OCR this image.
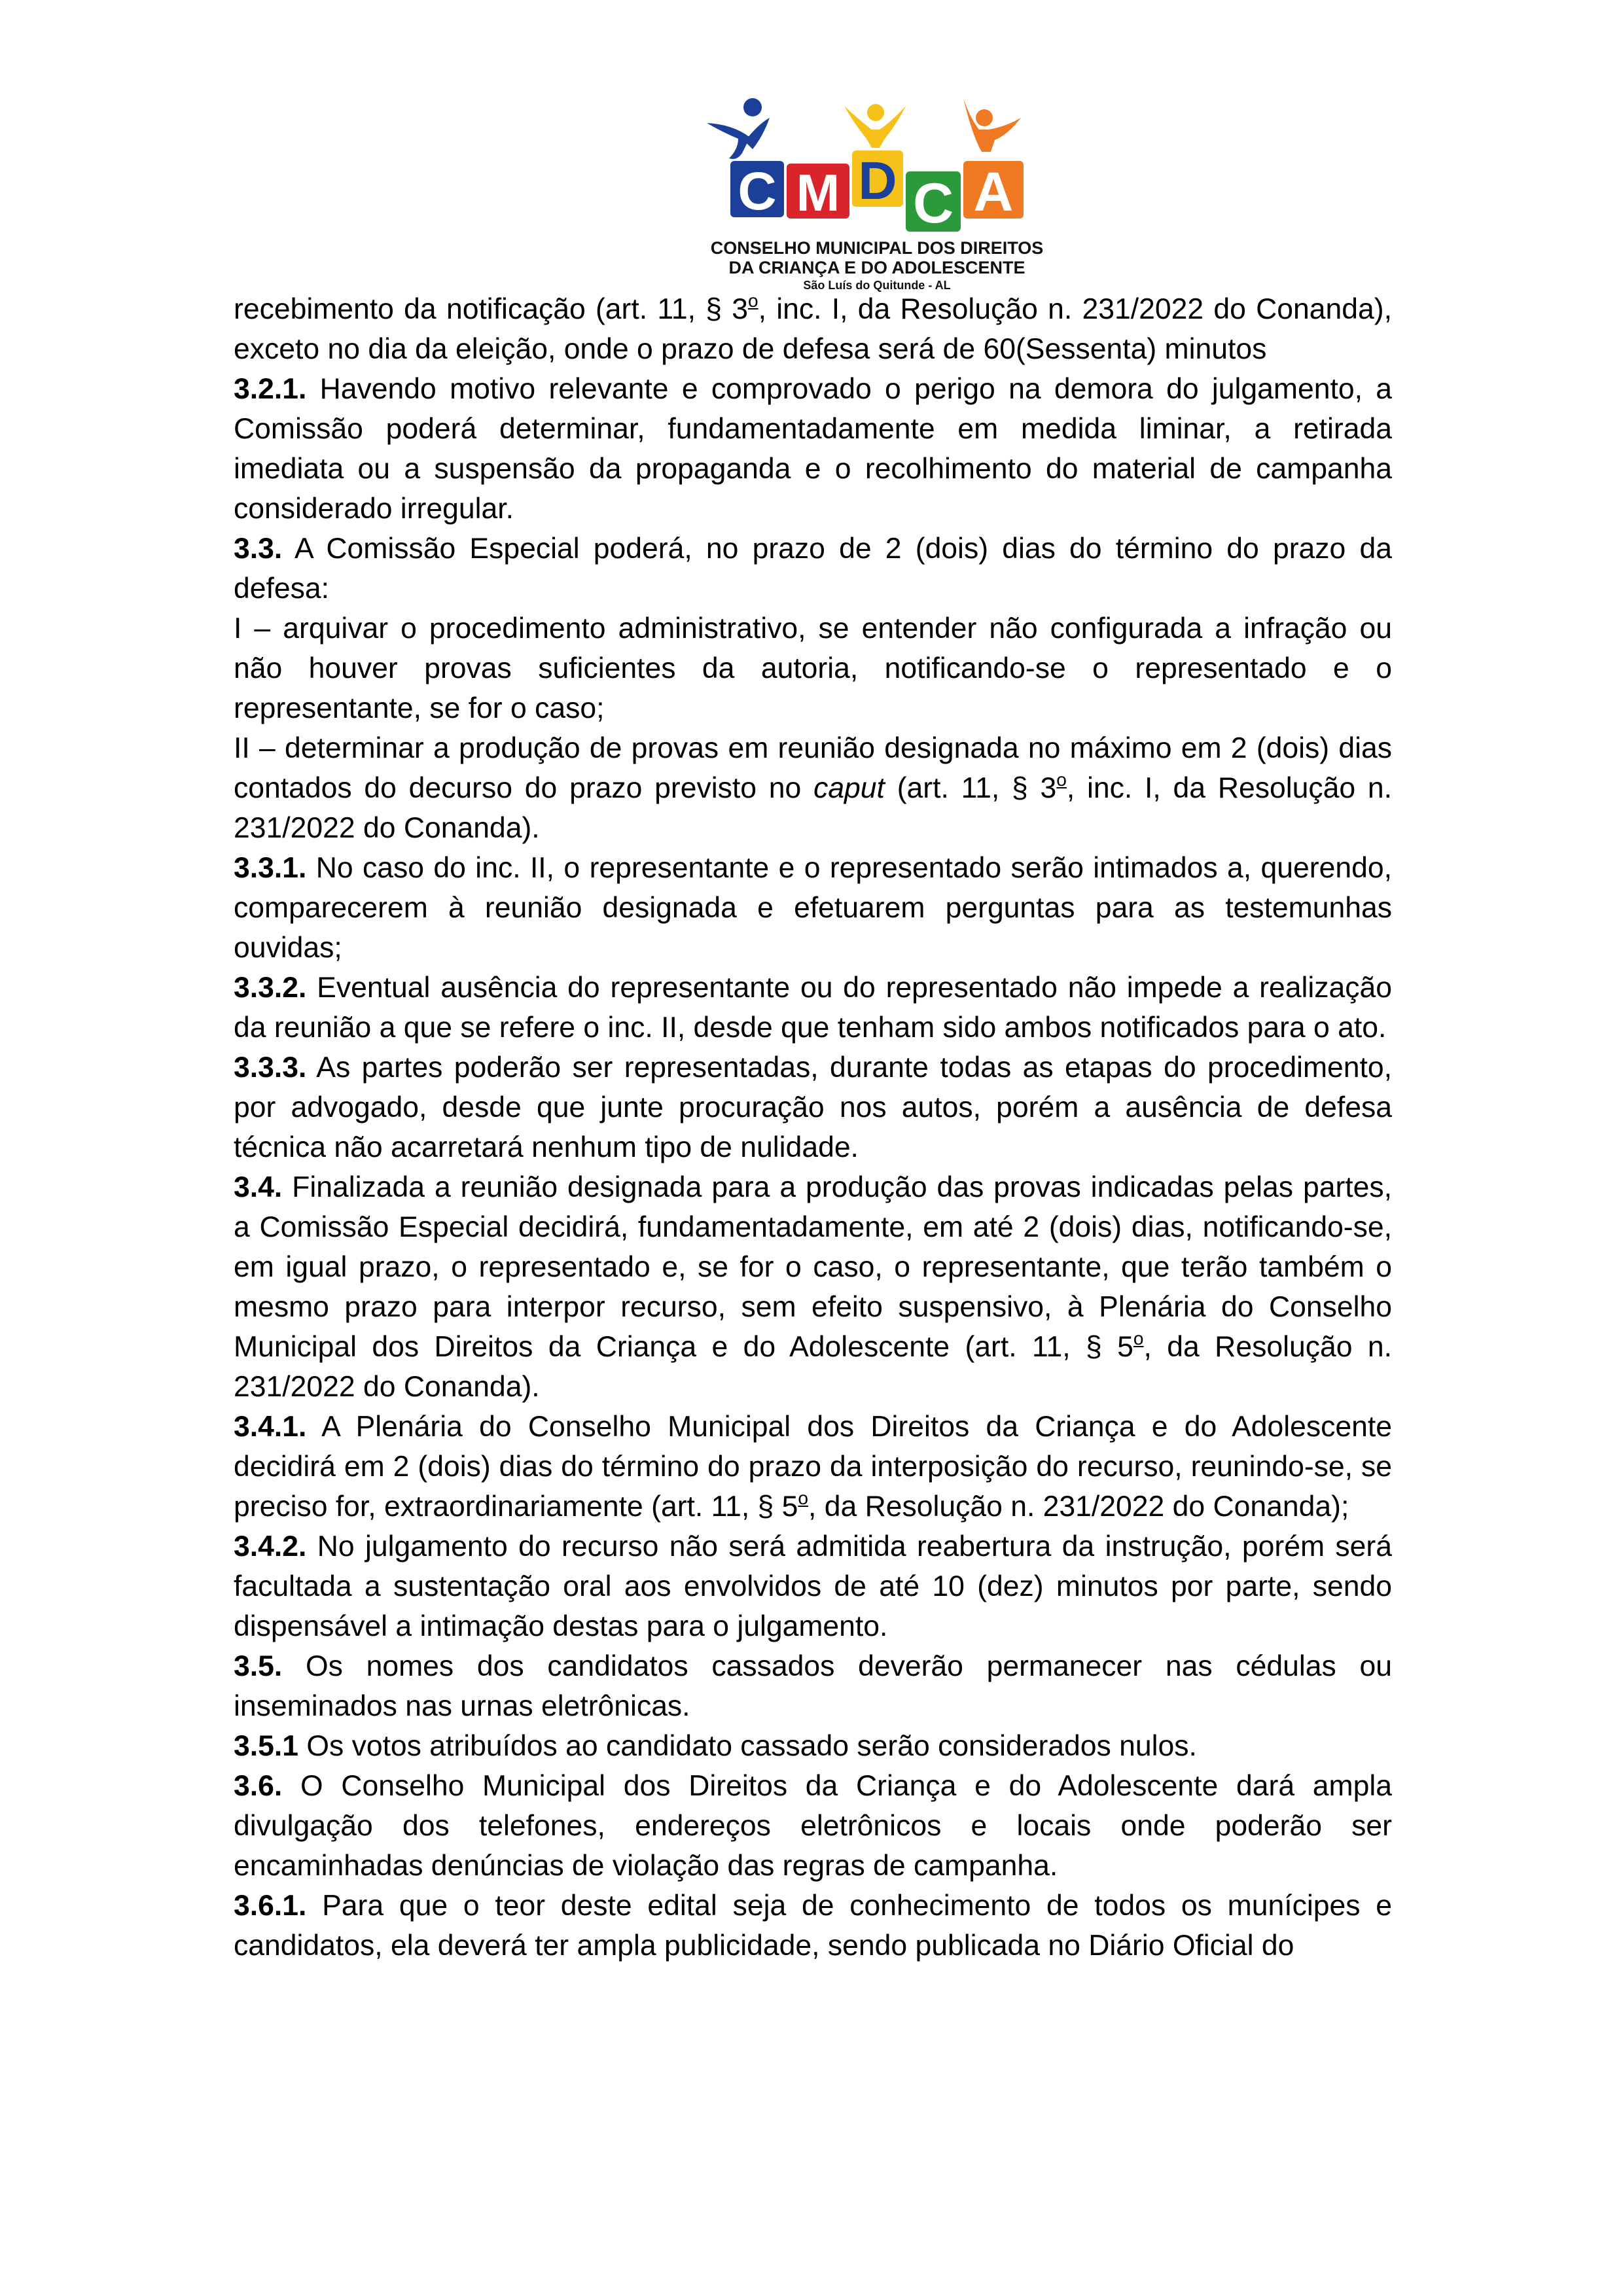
C M D C A
CONSELHO MUNICIPAL DOS DIREITOS
DA CRIANÇA E DO ADOLESCENTE
São Luís do Quitunde - AL

recebimento da notificação (art. 11, § 3$^o$, inc. I, da Resolução n. 231/2022 do Conanda), exceto no dia da eleição, onde o prazo de defesa será de 60(Sessenta) minutos

3.2.1. Havendo motivo relevante e comprovado o perigo na demora do julgamento, a Comissão poderá determinar, fundamentadamente em medida liminar, a retirada imediata ou a suspensão da propaganda e o recolhimento do material de campanha considerado irregular.

3.3. A Comissão Especial poderá, no prazo de 2 (dois) dias do término do prazo da defesa:

I – arquivar o procedimento administrativo, se entender não configurada a infração ou não houver provas suficientes da autoria, notificando-se o representado e o representante, se for o caso;

II – determinar a produção de provas em reunião designada no máximo em 2 (dois) dias contados do decurso do prazo previsto no caput (art. 11, § 3$^o$, inc. I, da Resolução n. 231/2022 do Conanda).

3.3.1. No caso do inc. II, o representante e o representado serão intimados a, querendo, comparecerem à reunião designada e efetuarem perguntas para as testemunhas ouvidas;

3.3.2. Eventual ausência do representante ou do representado não impede a realização da reunião a que se refere o inc. II, desde que tenham sido ambos notificados para o ato.

3.3.3. As partes poderão ser representadas, durante todas as etapas do procedimento, por advogado, desde que junte procuração nos autos, porém a ausência de defesa técnica não acarretará nenhum tipo de nulidade.

3.4. Finalizada a reunião designada para a produção das provas indicadas pelas partes, a Comissão Especial decidirá, fundamentadamente, em até 2 (dois) dias, notificando-se, em igual prazo, o representado e, se for o caso, o representante, que terão também o mesmo prazo para interpor recurso, sem efeito suspensivo, à Plenária do Conselho Municipal dos Direitos da Criança e do Adolescente (art. 11, § 5$^o$, da Resolução n. 231/2022 do Conanda).

3.4.1. A Plenária do Conselho Municipal dos Direitos da Criança e do Adolescente decidirá em 2 (dois) dias do término do prazo da interposição do recurso, reunindo-se, se preciso for, extraordinariamente (art. 11, § 5$^o$, da Resolução n. 231/2022 do Conanda);

3.4.2. No julgamento do recurso não será admitida reabertura da instrução, porém será facultada a sustentação oral aos envolvidos de até 10 (dez) minutos por parte, sendo dispensável a intimação destas para o julgamento.

3.5. Os nomes dos candidatos cassados deverão permanecer nas cédulas ou inseminados nas urnas eletrônicas.

3.5.1 Os votos atribuídos ao candidato cassado serão considerados nulos.

3.6. O Conselho Municipal dos Direitos da Criança e do Adolescente dará ampla divulgação dos telefones, endereços eletrônicos e locais onde poderão ser encaminhadas denúncias de violação das regras de campanha.

3.6.1. Para que o teor deste edital seja de conhecimento de todos os munícipes e candidatos, ela deverá ter ampla publicidade, sendo publicada no Diário Oficial do
